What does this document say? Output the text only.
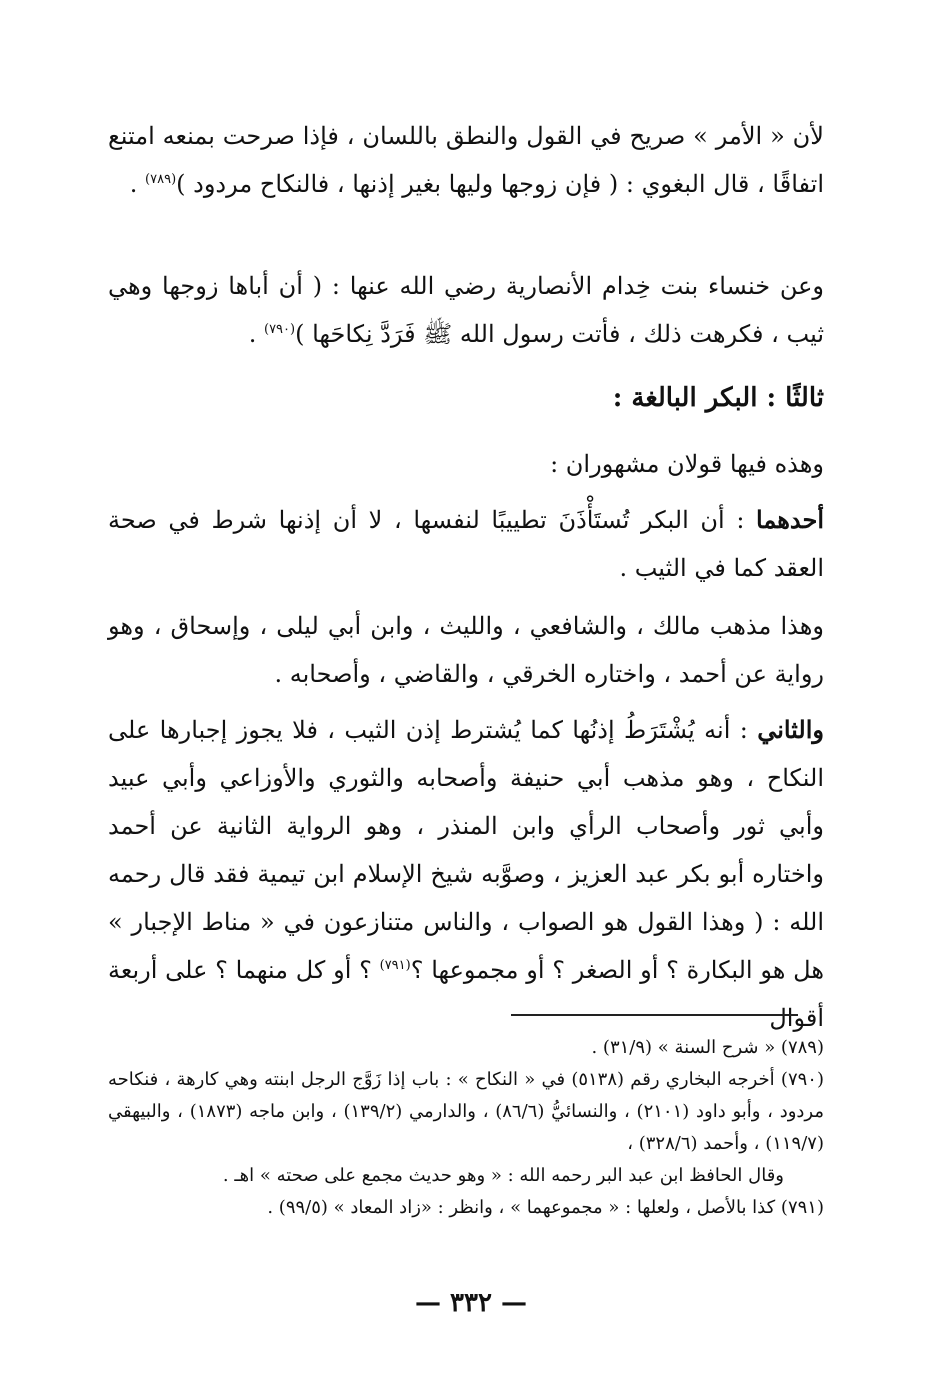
لأن « الأمر » صريح في القول والنطق باللسان ، فإذا صرحت بمنعه امتنع اتفاقًا ، قال البغوي : ( فإن زوجها وليها بغير إذنها ، فالنكاح مردود )$^{(٧٨٩)}$ .

وعن خنساء بنت خِدام الأنصارية رضي الله عنها : ( أن أباها زوجها وهي ثيب ، فكرهت ذلك ، فأتت رسول الله ﷺ فَرَدَّ نِكاحَها )$^{(٧٩٠)}$ .

ثالثًا : البكر البالغة :
وهذه فيها قولان مشهوران :

أحدهما : أن البكر تُستَأْذَنَ تطييبًا لنفسها ، لا أن إذنها شرط في صحة العقد كما في الثيب .

وهذا مذهب مالك ، والشافعي ، والليث ، وابن أبي ليلى ، وإسحاق ، وهو رواية عن أحمد ، واختاره الخرقي ، والقاضي ، وأصحابه .

والثاني : أنه يُشْتَرَطُ إذنُها كما يُشترط إذن الثيب ، فلا يجوز إجبارها على النكاح ، وهو مذهب أبي حنيفة وأصحابه والثوري والأوزاعي وأبي عبيد وأبي ثور وأصحاب الرأي وابن المنذر ، وهو الرواية الثانية عن أحمد واختاره أبو بكر عبد العزيز ، وصوَّبه شيخ الإسلام ابن تيمية فقد قال رحمه الله : ( وهذا القول هو الصواب ، والناس متنازعون في « مناط الإجبار » هل هو البكارة ؟ أو الصغر ؟ أو مجموعها ؟$^{(٧٩١)}$ ؟ أو كل منهما ؟ على أربعة أقوال

(٧٨٩) « شرح السنة » (٣١/٩) .

(٧٩٠) أخرجه البخاري رقم (٥١٣٨) في « النكاح » : باب إذا زَوَّج الرجل ابنته وهي كارهة ، فنكاحه مردود ، وأبو داود (٢١٠١) ، والنسائيُّ (٨٦/٦) ، والدارمي (١٣٩/٢) ، وابن ماجه (١٨٧٣) ، والبيهقي (١١٩/٧) ، وأحمد (٣٢٨/٦) ،

وقال الحافظ ابن عبد البر رحمه الله : « وهو حديث مجمع على صحته » اهـ .

(٧٩١) كذا بالأصل ، ولعلها : « مجموعهما » ، وانظر : «زاد المعاد » (٩٩/٥) .

— ٣٣٢ —
